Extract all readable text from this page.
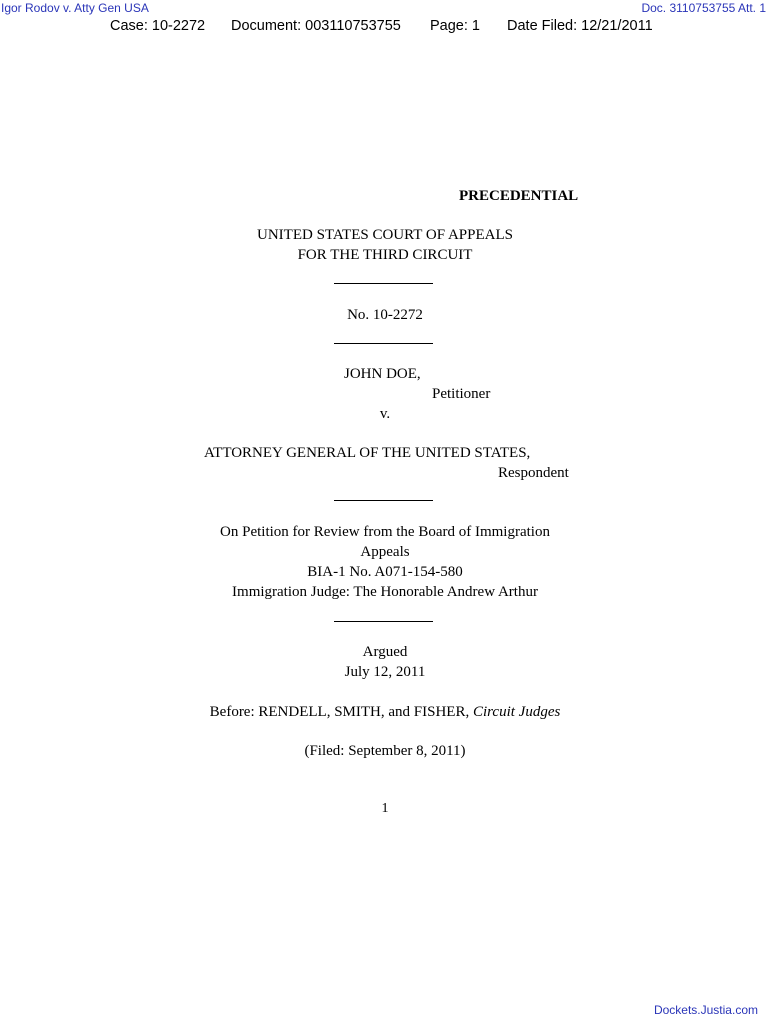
Igor Rodov v. Atty Gen USA	Doc. 3110753755 Att. 1
Case: 10-2272 Document: 003110753755 Page: 1 Date Filed: 12/21/2011
PRECEDENTIAL
UNITED STATES COURT OF APPEALS
FOR THE THIRD CIRCUIT
No. 10-2272
JOHN DOE,
Petitioner
v.
ATTORNEY GENERAL OF THE UNITED STATES,
Respondent
On Petition for Review from the Board of Immigration
Appeals
BIA-1 No. A071-154-580
Immigration Judge: The Honorable Andrew Arthur
Argued
July 12, 2011
Before: RENDELL, SMITH, and FISHER, Circuit Judges
(Filed: September 8, 2011)
1
Dockets.Justia.com
